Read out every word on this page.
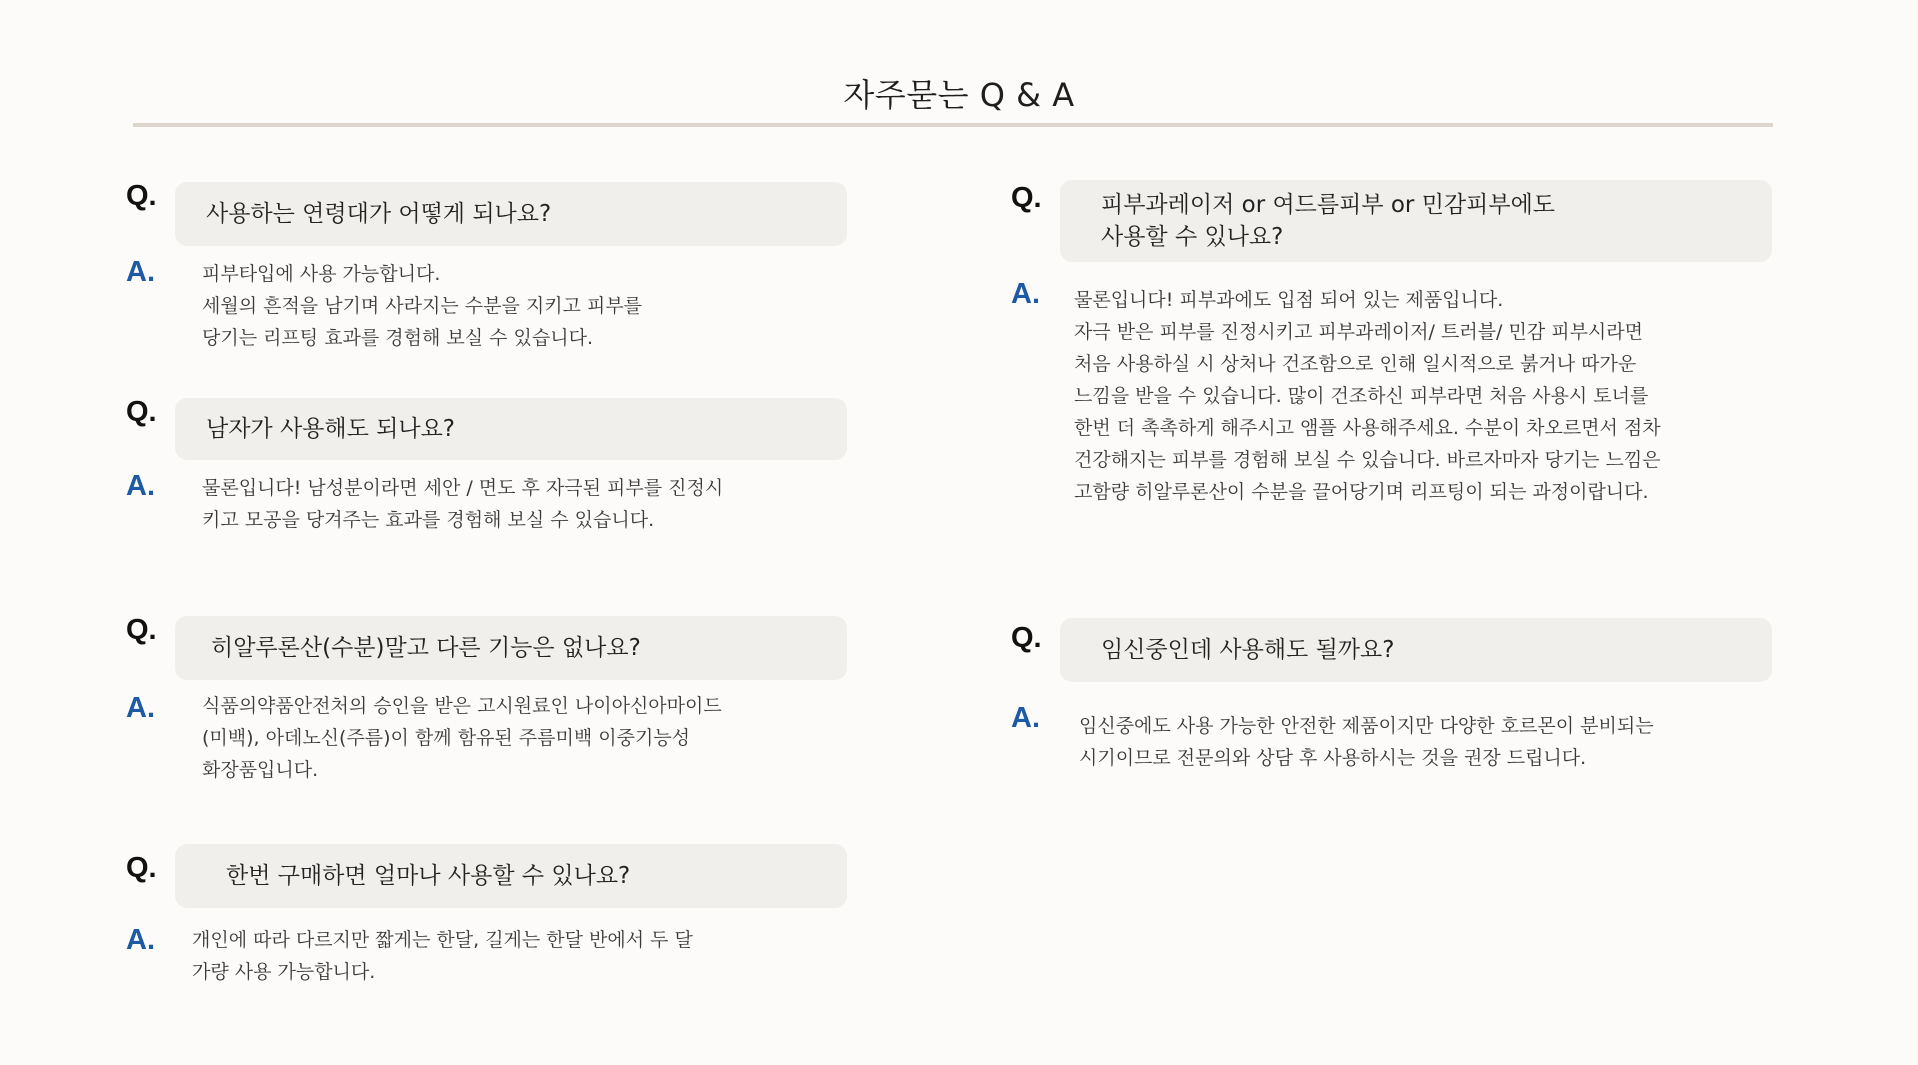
자주묻는 Q & A
Q.
사용하는 연령대가 어떻게 되나요?
A. 피부타입에 사용 가능합니다.
세월의 흔적을 남기며 사라지는 수분을 지키고 피부를
당기는 리프팅 효과를 경험해 보실 수 있습니다.
Q.
남자가 사용해도 되나요?
A. 물론입니다! 남성분이라면 세안 / 면도 후 자극된 피부를 진정시
키고 모공을 당겨주는 효과를 경험해 보실 수 있습니다.
Q.
히알루론산(수분)말고 다른 기능은 없나요?
A. 식품의약품안전처의 승인을 받은 고시원료인 나이아신아마이드
(미백), 아데노신(주름)이 함께 함유된 주름미백 이중기능성
화장품입니다.
Q.	한번 구매하면 얼마나 사용할 수 있나요?
A. 개인에 따라 다르지만 짧게는 한달, 길게는 한달 반에서 두 달
가량 사용 가능합니다.
Q.	피부과레이저 or 여드름피부 or 민감피부에도
사용할 수 있나요?
A. 물론입니다! 피부과에도 입점 되어 있는 제품입니다.
자극 받은 피부를 진정시키고 피부과레이저/ 트러블/ 민감 피부시라면
처음 사용하실 시 상처나 건조함으로 인해 일시적으로 붉거나 따가운
느낌을 받을 수 있습니다. 많이 건조하신 피부라면 처음 사용시 토너를
한번 더 촉촉하게 해주시고 앰플 사용해주세요. 수분이 차오르면서 점차
건강해지는 피부를 경험해 보실 수 있습니다. 바르자마자 당기는 느낌은
고함량 히알루론산이 수분을 끌어당기며 리프팅이 되는 과정이랍니다.
Q.	임신중인데 사용해도 될까요?
A. 임신중에도 사용 가능한 안전한 제품이지만 다양한 호르몬이 분비되는
시기이므로 전문의와 상담 후 사용하시는 것을 권장 드립니다.
